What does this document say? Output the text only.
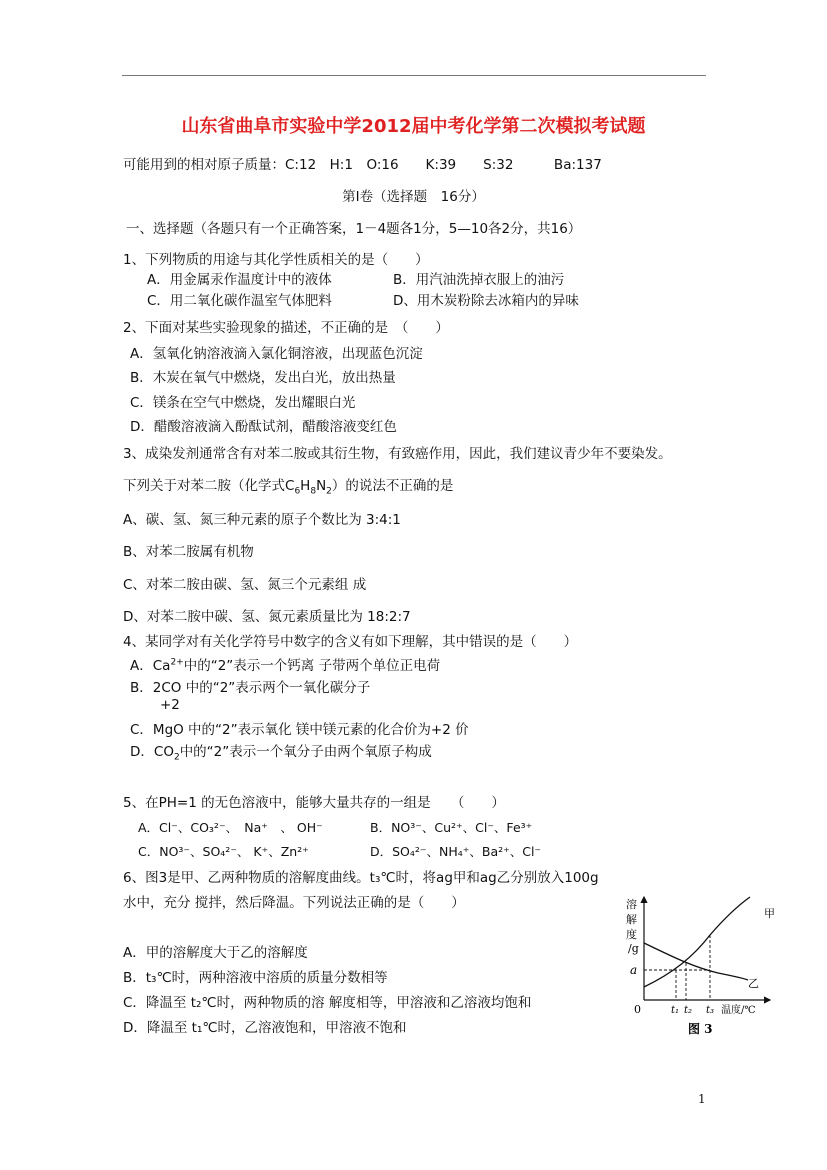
山东省曲阜市实验中学2012届中考化学第二次模拟考试题
可能用到的相对原子质量：C:12　H:1　O:16　　K:39　　S:32　　　Ba:137
第Ⅰ卷（选择题　16分）
一、选择题（各题只有一个正确答案，1－4题各1分，5—10各2分，共16）
1、下列物质的用途与其化学性质相关的是（　　）
A．用金属汞作温度计中的液体	B．用汽油洗掉衣服上的油污
C．用二氧化碳作温室气体肥料	D、用木炭粉除去冰箱内的异味
2、下面对某些实验现象的描述，不正确的是　（　　）
A．氢氧化钠溶液滴入氯化铜溶液，出现蓝色沉淀
B．木炭在氧气中燃烧，发出白光，放出热量
C．镁条在空气中燃烧，发出耀眼白光
D．醋酸溶液滴入酚酞试剂，醋酸溶液变红色
3、成染发剂通常含有对苯二胺或其衍生物，有致癌作用，因此，我们建议青少年不要染发。
下列关于对苯二胺（化学式$C_6H_8N_2$）的说法不正确的是
A、碳、氢、氮三种元素的原子个数比为 3:4:1
B、对苯二胺属有机物
C、对苯二胺由碳、氢、氮三个元素组 成
D、对苯二胺中碳、氢、氮元素质量比为 18:2:7
4、某同学对有关化学符号中数字的含义有如下理解，其中错误的是（　　）
A．$Ca^{2+}$中的“2”表示一个钙离 子带两个单位正电荷
B．2CO 中的“2”表示两个一氧化碳分子
+2
C．MgO 中的“2”表示氧化 镁中镁元素的化合价为+2 价
D．$CO_2$中的“2”表示一个氧分子由两个氧原子构成
5、在PH=1 的无色溶液中，能够大量共存的一组是　　（　　）
A．Cl⁻、CO₃²⁻、　Na⁺　、 OH⁻	B．NO³⁻、Cu²⁺、Cl⁻、Fe³⁺
C．NO³⁻、SO₄²⁻、 K⁺、Zn²⁺	D．SO₄²⁻、NH₄⁺、Ba²⁺、Cl⁻
6、图3是甲、乙两种物质的溶解度曲线。t₃℃时，将ag甲和ag乙分别放入100g
水中，充分 搅拌，然后降温。下列说法正确的是（　　）
A．甲的溶解度大于乙的溶解度
B．t₃℃时，两种溶液中溶质的质量分数相等
C．降温至 t₂℃时，两种物质的溶 解度相等，甲溶液和乙溶液均饱和
D．降温至 t₁℃时，乙溶液饱和，甲溶液不饱和
溶
解
度
/g
a
0	t₁ t₂ t₃ 温度/℃
甲
乙
图 3
1
